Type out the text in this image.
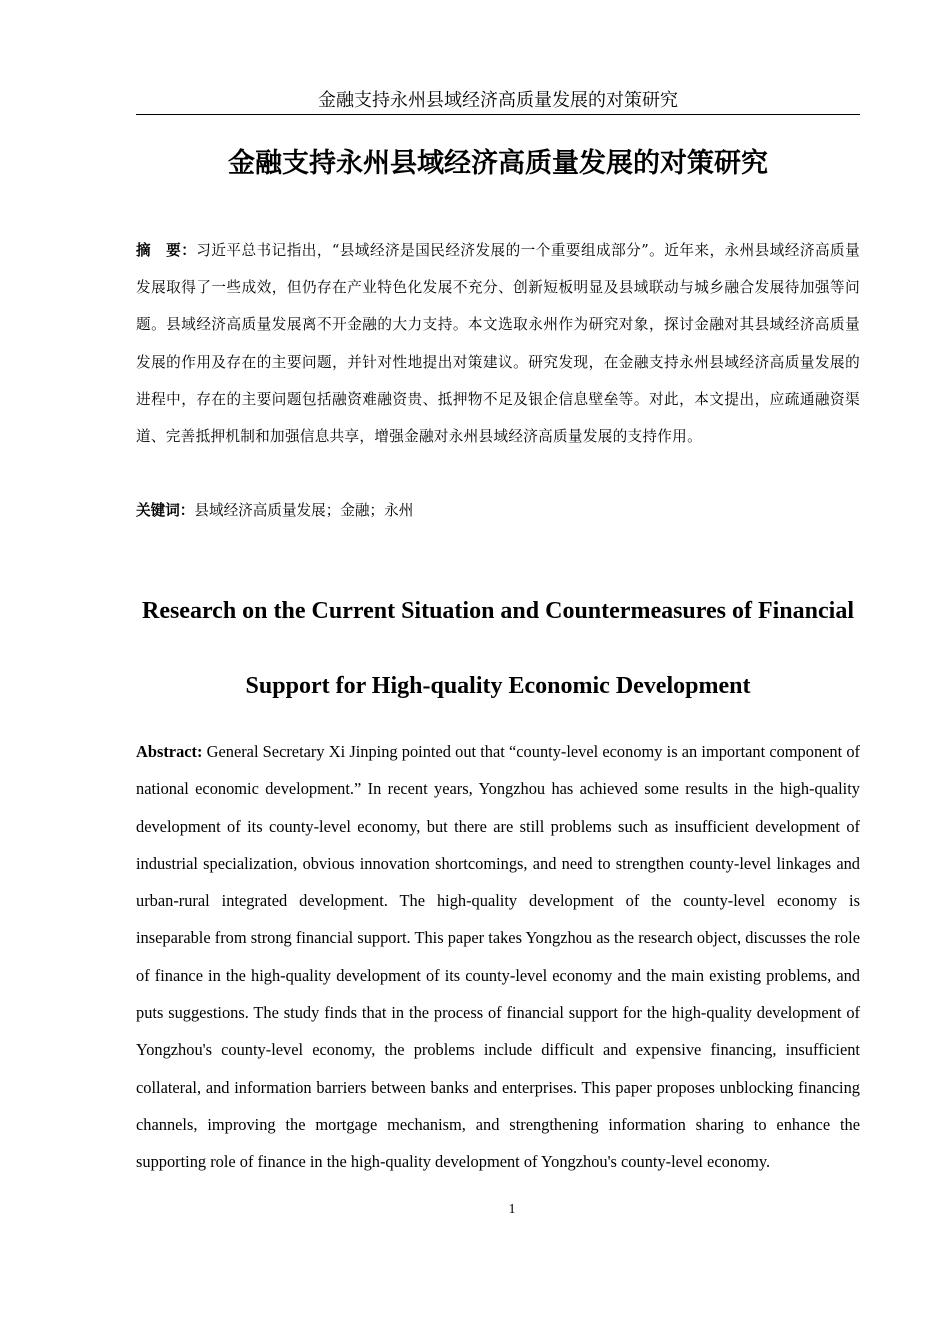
金融支持永州县域经济高质量发展的对策研究
金融支持永州县域经济高质量发展的对策研究
摘　要：习近平总书记指出，“县域经济是国民经济发展的一个重要组成部分”。近年来，永州县域经济高质量发展取得了一些成效，但仍存在产业特色化发展不充分、创新短板明显及县域联动与城乡融合发展待加强等问题。县域经济高质量发展离不开金融的大力支持。本文选取永州作为研究对象，探讨金融对其县域经济高质量发展的作用及存在的主要问题，并针对性地提出对策建议。研究发现，在金融支持永州县域经济高质量发展的进程中，存在的主要问题包括融资难融资贵、抵押物不足及银企信息壁垒等。对此，本文提出，应疏通融资渠道、完善抵押机制和加强信息共享，增强金融对永州县域经济高质量发展的支持作用。
关键词：县域经济高质量发展；金融；永州
Research on the Current Situation and Countermeasures of Financial Support for High-quality Economic Development
Abstract: General Secretary Xi Jinping pointed out that “county-level economy is an important component of national economic development.” In recent years, Yongzhou has achieved some results in the high-quality development of its county-level economy, but there are still problems such as insufficient development of industrial specialization, obvious innovation shortcomings, and need to strengthen county-level linkages and urban-rural integrated development. The high-quality development of the county-level economy is inseparable from strong financial support. This paper takes Yongzhou as the research object, discusses the role of finance in the high-quality development of its county-level economy and the main existing problems, and puts suggestions. The study finds that in the process of financial support for the high-quality development of Yongzhou's county-level economy, the problems include difficult and expensive financing, insufficient collateral, and information barriers between banks and enterprises. This paper proposes unblocking financing channels, improving the mortgage mechanism, and strengthening information sharing to enhance the supporting role of finance in the high-quality development of Yongzhou's county-level economy.
1
